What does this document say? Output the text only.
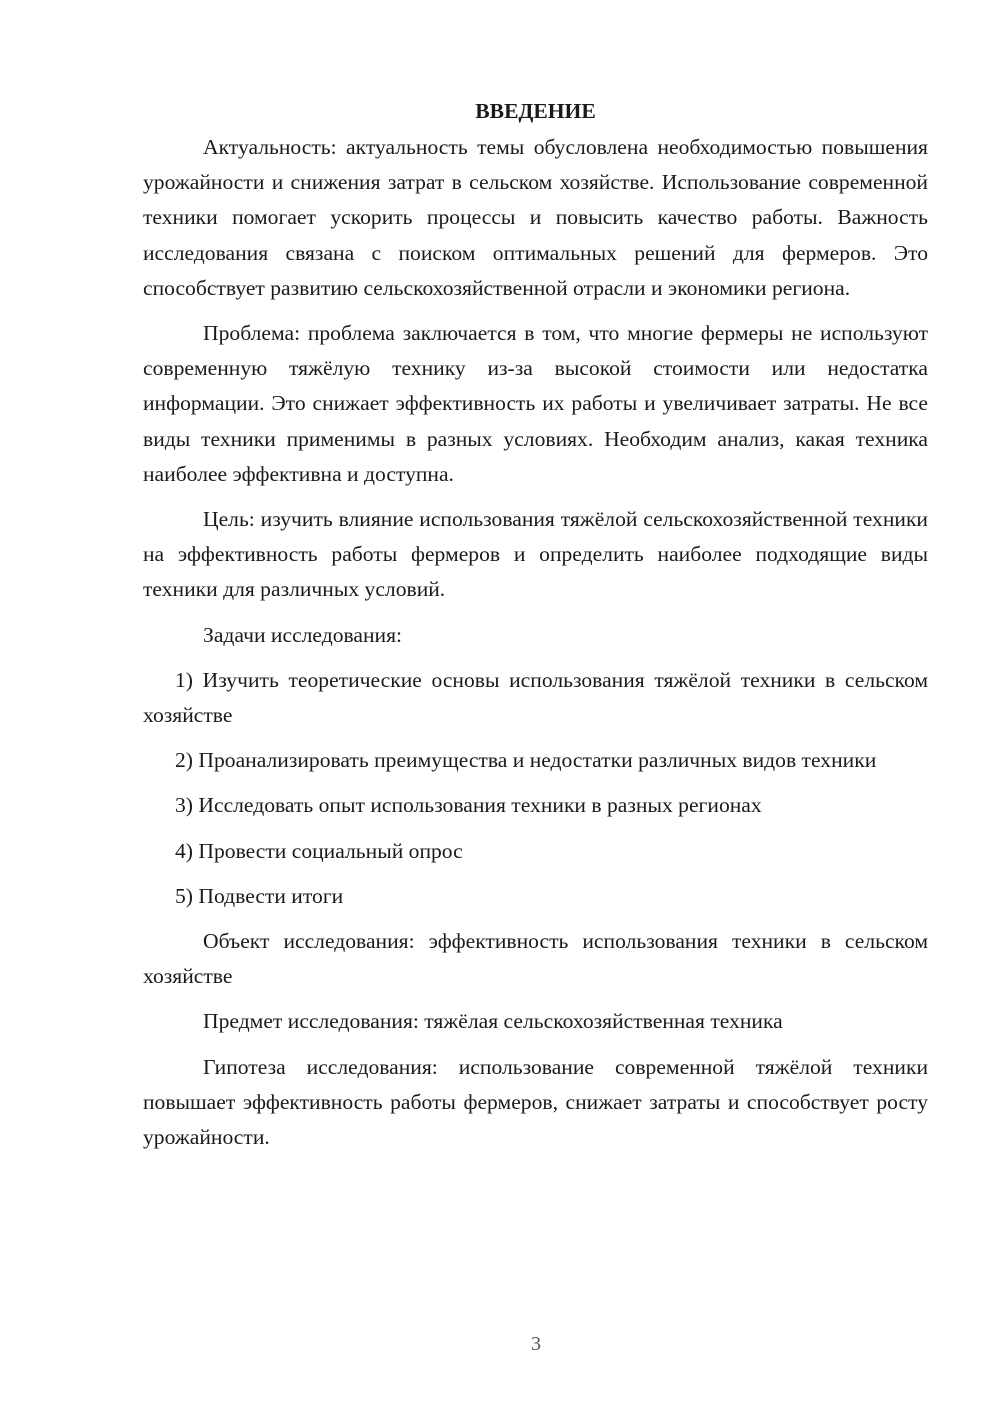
ВВЕДЕНИЕ

Актуальность: актуальность темы обусловлена необходимостью повышения урожайности и снижения затрат в сельском хозяйстве. Использование современной техники помогает ускорить процессы и повысить качество работы. Важность исследования связана с поиском оптимальных решений для фермеров. Это способствует развитию сельскохозяйственной отрасли и экономики региона.

Проблема: проблема заключается в том, что многие фермеры не используют современную тяжёлую технику из-за высокой стоимости или недостатка информации. Это снижает эффективность их работы и увеличивает затраты. Не все виды техники применимы в разных условиях. Необходим анализ, какая техника наиболее эффективна и доступна.

Цель: изучить влияние использования тяжёлой сельскохозяйственной техники на эффективность работы фермеров и определить наиболее подходящие виды техники для различных условий.

Задачи исследования:

1) Изучить теоретические основы использования тяжёлой техники в сельском хозяйстве

2) Проанализировать преимущества и недостатки различных видов техники

3) Исследовать опыт использования техники в разных регионах

4) Провести социальный опрос

5) Подвести итоги

Объект исследования: эффективность использования техники в сельском хозяйстве

Предмет исследования: тяжёлая сельскохозяйственная техника

Гипотеза исследования: использование современной тяжёлой техники повышает эффективность работы фермеров, снижает затраты и способствует росту урожайности.

3
